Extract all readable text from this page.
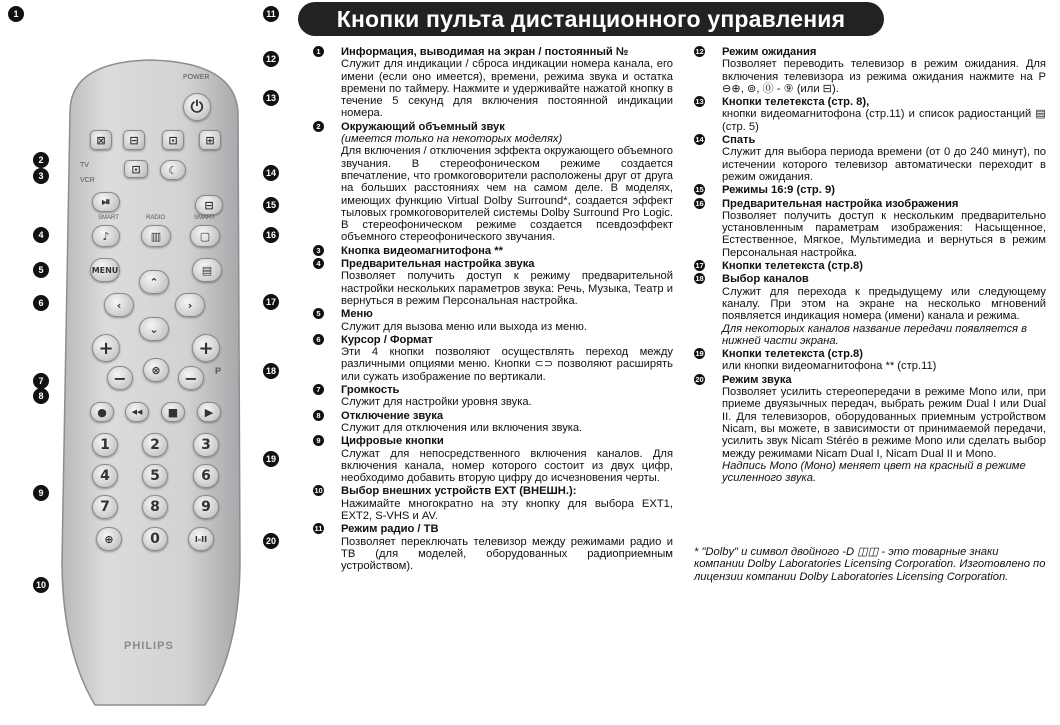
POWER
TV
VCR
SMART	RADIO	SMART
P
PHILIPS
⏻
⊠	⊟	⊡	⊞
⏯
⊡	☾
⊟
♪	▥	▢
MENU	▤
⌃
‹	›
⌄
+	+
−	⊗	−
●	◀◀	■	▶
1	2	3
4	5	6
7	8	9
⊕	0	I-II
1	11
12
13
2
3	14
15
4	16
5
6	17
7
18
8
19
9
20
10
Кнопки пульта дистанционного управления
1	Информация, выводимая на экран / постоянный №
Служит для индикации / сброса индикации номера канала, его имени (если оно имеется), времени, режима звука и остатка времени по таймеру. Нажмите и удерживайте нажатой кнопку в течение 5 секунд для включения постоянной индикации номера.
2	Окружающий объемный звук
(имеется только на некоторых моделях)
Для включения / отключения эффекта окружающего объемного звучания. В стереофоническом режиме создается впечатление, что громкоговорители расположены друг от друга на больших расстояниях чем на самом деле. В моделях, имеющих функцию Virtual Dolby Surround*, создается эффект тыловых громкоговорителей системы Dolby Surround Pro Logic. В стереофоническом режиме создается псевдоэффект объемного стереофонического звучания.
3	Кнопка видеомагнитофона **
4	Предварительная настройка звука
Позволяет получить доступ к режиму предварительной настройки нескольких параметров звука: Речь, Музыка, Театр и вернуться в режим Персональная настройка.
5	Меню
Служит для вызова меню или выхода из меню.
6	Курсор / Формат
Эти 4 кнопки позволяют осуществлять переход между различными опциями меню. Кнопки ⊂⊃ позволяют расширять или сужать изображение по вертикали.
7	Громкость
Служит для настройки уровня звука.
8	Отключение звука
Служит для отключения или включения звука.
9	Цифровые кнопки
Служат для непосредственного включения каналов. Для включения канала, номер которого состоит из двух цифр, необходимо добавить вторую цифру до исчезновения черты.
10 Выбор внешних устройств EXT (ВНЕШН.):
Нажимайте многократно на эту кнопку для выбора EXT1, EXT2, S-VHS и AV.
11 Режим радио / ТВ
Позволяет переключать телевизор между режимами радио и ТВ (для моделей, оборудованных радиоприемным устройством).
12 Режим ожидания
Позволяет переводить телевизор в режим ожидания. Для включения телевизора из режима ожидания нажмите на P ⊖⊕, ⊚, ⓪ - ⑨ (или ⊟).
13 Кнопки телетекста (стр. 8),
кнопки видеомагнитофона (стр.11) и список радиостанций ▤ (стр. 5)
14 Спать
Служит для выбора периода времени (от 0 до 240 минут), по истечении которого телевизор автоматически переходит в режим ожидания.
15 Режимы 16:9 (стр. 9)
16 Предварительная настройка изображения
Позволяет получить доступ к нескольким предварительно установленным параметрам изображения: Насыщенное, Естественное, Мягкое, Мультимедиа и вернуться в режим Персональная настройка.
17 Кнопки телетекста (стр.8)
18 Выбор каналов
Служит для перехода к предыдущему или следующему каналу. При этом на экране на несколько мгновений появляется индикация номера (имени) канала и режима.
Для некоторых каналов название передачи появляется в нижней части экрана.
19 Кнопки телетекста (стр.8)
или кнопки видеомагнитофона ** (стр.11)
20 Режим звука
Позволяет усилить стереопередачи в режиме Mono или, при приеме двуязычных передач, выбрать режим Dual I или Dual II. Для телевизоров, оборудованных приемным устройством Nicam, вы можете, в зависимости от принимаемой передачи, усилить звук Nicam Stéréo в режиме Mono или сделать выбор между режимами Nicam Dual I, Nicam Dual II и Mono.
Надпись Mono (Моно) меняет цвет на красный в режиме усиленного звука.
* "Dolby" и символ двойного -D ◫◫ - это товарные знаки компании Dolby Laboratories Licensing Corporation. Изготовлено по лицензии компании Dolby Laboratories Licensing Corporation.
